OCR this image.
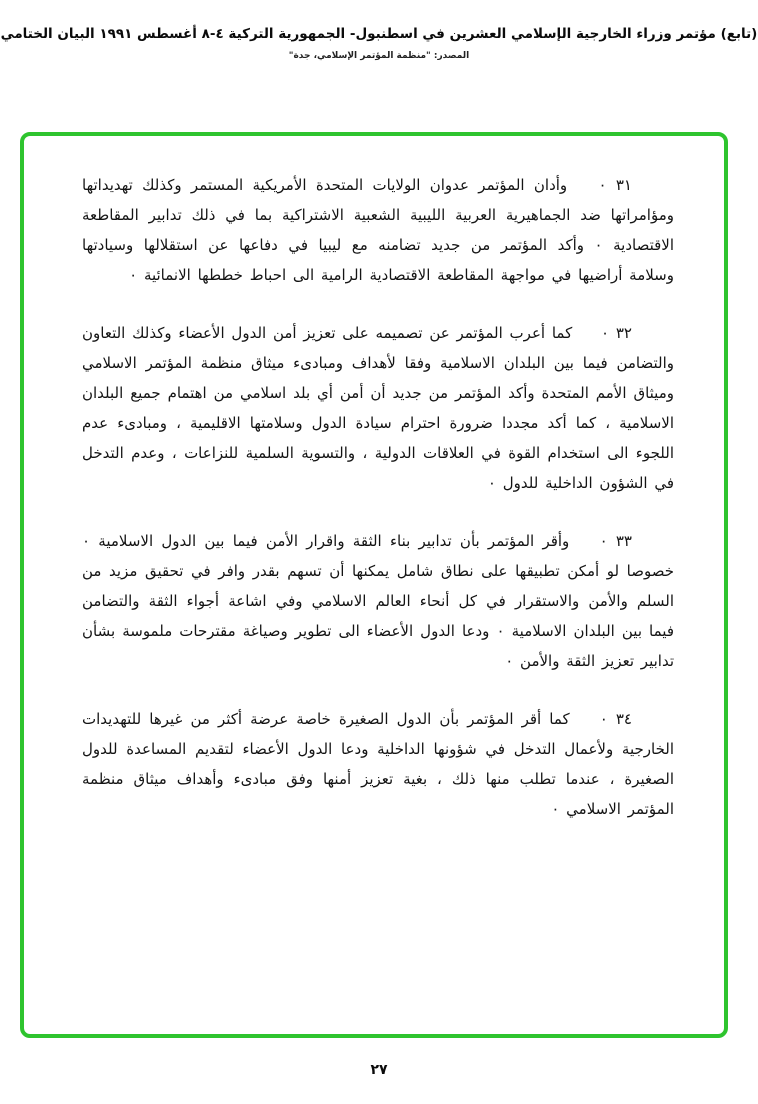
(تابع) مؤتمر وزراء الخارجية الإسلامي العشرين في اسطنبول- الجمهورية التركية ٤-٨ أغسطس ١٩٩١ البيان الختامي
المصدر: "منظمة المؤتمر الإسلامي، جدة"

٣١ ٠ وأدان المؤتمر عدوان الولايات المتحدة الأمريكية المستمر وكذلك تهديداتها ومؤامراتها ضد الجماهيرية العربية الليبية الشعبية الاشتراكية بما في ذلك تدابير المقاطعة الاقتصادية ٠ وأكد المؤتمر من جديد تضامنه مع ليبيا في دفاعها عن استقلالها وسيادتها وسلامة أراضيها في مواجهة المقاطعة الاقتصادية الرامية الى احباط خططها الانمائية ٠

٣٢ ٠ كما أعرب المؤتمر عن تصميمه على تعزيز أمن الدول الأعضاء وكذلك التعاون والتضامن فيما بين البلدان الاسلامية وفقا لأهداف ومبادىء ميثاق منظمة المؤتمر الاسلامي وميثاق الأمم المتحدة وأكد المؤتمر من جديد أن أمن أي بلد اسلامي من اهتمام جميع البلدان الاسلامية ، كما أكد مجددا ضرورة احترام سيادة الدول وسلامتها الاقليمية ، ومبادىء عدم اللجوء الى استخدام القوة في العلاقات الدولية ، والتسوية السلمية للنزاعات ، وعدم التدخل في الشؤون الداخلية للدول ٠

٣٣ ٠ وأقر المؤتمر بأن تدابير بناء الثقة واقرار الأمن فيما بين الدول الاسلامية ٠ خصوصا لو أمكن تطبيقها على نطاق شامل يمكنها أن تسهم بقدر وافر في تحقيق مزيد من السلم والأمن والاستقرار في كل أنحاء العالم الاسلامي وفي اشاعة أجواء الثقة والتضامن فيما بين البلدان الاسلامية ٠ ودعا الدول الأعضاء الى تطوير وصياغة مقترحات ملموسة بشأن تدابير تعزيز الثقة والأمن ٠

٣٤ ٠ كما أقر المؤتمر بأن الدول الصغيرة خاصة عرضة أكثر من غيرها للتهديدات الخارجية ولأعمال التدخل في شؤونها الداخلية ودعا الدول الأعضاء لتقديم المساعدة للدول الصغيرة ، عندما تطلب منها ذلك ، بغية تعزيز أمنها وفق مبادىء وأهداف ميثاق منظمة المؤتمر الاسلامي ٠

٢٧
